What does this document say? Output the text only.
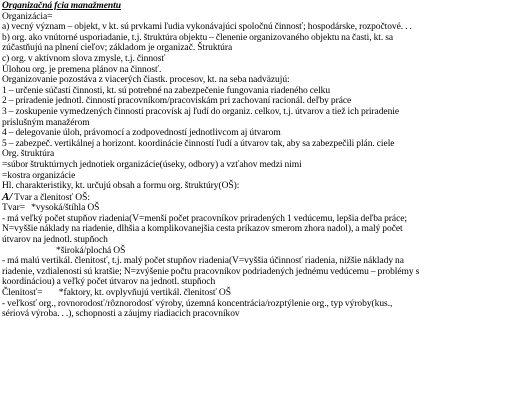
Organizačná fcia manažmentu
Organizácia=
a) vecný význam – objekt, v kt. sú prvkami ľudia vykonávajúci spoločnú činnosť; hospodárske, rozpočtové. . .
b) org. ako vnútorné usporiadanie, t.j. štruktúra objektu – členenie organizovaného objektu na časti, kt. sa
zúčastňujú na plnení cieľov; základom je organizač. Štruktúra
c) org. v aktívnom slova zmysle, t.j. činnosť
Úlohou org. je premena plánov na činnosť.
Organizovanie pozostáva z viacerých čiastk. procesov, kt. na seba nadväzujú:
1 – určenie súčastí činnosti, kt. sú potrebné na zabezpečenie fungovania riadeného celku
2 – priradenie jednotl. činností pracovníkom/pracoviskám pri zachovaní racionál. deľby práce
3 – zoskupenie vymedzených činností pracovísk aj ľudí do organiz. celkov, t.j. útvarov a tiež ich priradenie
príslušným manažérom
4 – delegovanie úloh, právomocí a zodpovedností jednotlivcom aj útvarom
5 – zabezpeč. vertikálnej a horizont. koordinácie činností ľudí a útvarov tak, aby sa zabezpečili plán. ciele
Org. štruktúra
=súbor štruktúrnych jednotiek organizácie(úseky, odbory) a vzťahov medzi nimi
=kostra organizácie
Hl. charakteristiky, kt. určujú obsah a formu org. štruktúry(OŠ):
A/ Tvar a členitosť OŠ:
Tvar= *vysoká/štíhla OŠ
- má veľký počet stupňov riadenia(V=menší počet pracovníkov priradených 1 vedúcemu, lepšia deľba práce;
N=vyššie náklady na riadenie, dlhšia a komplikovanejšia cesta príkazov smerom zhora nadol), a malý počet
útvarov na jednotl. stupňoch
*široká/plochá OŠ
- má malú vertikál. členitosť, t.j. malý počet stupňov riadenia(V=vyššia účinnosť riadenia, nižšie náklady na
riadenie, vzdialenosti sú kratšie; N=zvýšenie počtu pracovníkov podriadených jednému vedúcemu – problémy s
koordináciou) a veľký počet útvarov na jednotl. stupňoch
Členitosť= *faktory, kt. ovplyvňujú vertikál. členitosť OŠ
- veľkosť org., rovnorodosť/rôznorodosť výroby, územná koncentrácia/rozptýlenie org., typ výroby(kus.,
sériová výroba. . .), schopnosti a záujmy riadiacich pracovníkov
